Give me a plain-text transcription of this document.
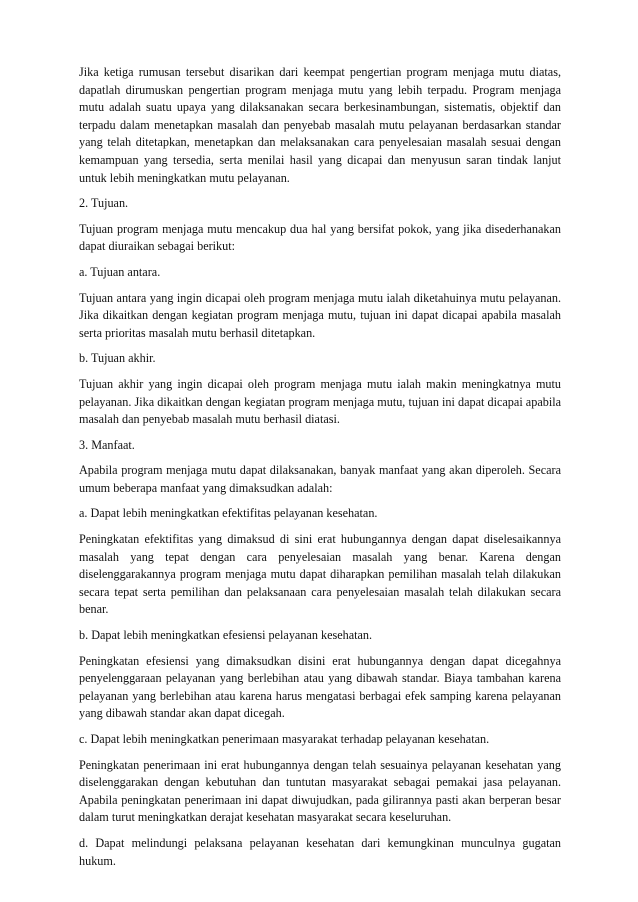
Jika ketiga rumusan tersebut disarikan dari keempat pengertian program menjaga mutu diatas, dapatlah dirumuskan pengertian program menjaga mutu yang lebih terpadu. Program menjaga mutu adalah suatu upaya yang dilaksanakan secara berkesinambungan, sistematis, objektif dan terpadu dalam menetapkan masalah dan penyebab masalah mutu pelayanan berdasarkan standar yang telah ditetapkan, menetapkan dan melaksanakan cara penyelesaian masalah sesuai dengan kemampuan yang tersedia, serta menilai hasil yang dicapai dan menyusun saran tindak lanjut untuk lebih meningkatkan mutu pelayanan.

2. Tujuan.

Tujuan program menjaga mutu mencakup dua hal yang bersifat pokok, yang jika disederhanakan dapat diuraikan sebagai berikut:

a. Tujuan antara.

Tujuan antara yang ingin dicapai oleh program menjaga mutu ialah diketahuinya mutu pelayanan. Jika dikaitkan dengan kegiatan program menjaga mutu, tujuan ini dapat dicapai apabila masalah serta prioritas masalah mutu berhasil ditetapkan.

b. Tujuan akhir.

Tujuan akhir yang ingin dicapai oleh program menjaga mutu ialah makin meningkatnya mutu pelayanan. Jika dikaitkan dengan kegiatan program menjaga mutu, tujuan ini dapat dicapai apabila masalah dan penyebab masalah mutu berhasil diatasi.

3. Manfaat.

Apabila program menjaga mutu dapat dilaksanakan, banyak manfaat yang akan diperoleh. Secara umum beberapa manfaat yang dimaksudkan adalah:

a. Dapat lebih meningkatkan efektifitas pelayanan kesehatan.

Peningkatan efektifitas yang dimaksud di sini erat hubungannya dengan dapat diselesaikannya masalah yang tepat dengan cara penyelesaian masalah yang benar. Karena dengan diselenggarakannya program menjaga mutu dapat diharapkan pemilihan masalah telah dilakukan secara tepat serta pemilihan dan pelaksanaan cara penyelesaian masalah telah dilakukan secara benar.

b. Dapat lebih meningkatkan efesiensi pelayanan kesehatan.

Peningkatan efesiensi yang dimaksudkan disini erat hubungannya dengan dapat dicegahnya penyelenggaraan pelayanan yang berlebihan atau yang dibawah standar. Biaya tambahan karena pelayanan yang berlebihan atau karena harus mengatasi berbagai efek samping karena pelayanan yang dibawah standar akan dapat dicegah.

c. Dapat lebih meningkatkan penerimaan masyarakat terhadap pelayanan kesehatan.

Peningkatan penerimaan ini erat hubungannya dengan telah sesuainya pelayanan kesehatan yang diselenggarakan dengan kebutuhan dan tuntutan masyarakat sebagai pemakai jasa pelayanan. Apabila peningkatan penerimaan ini dapat diwujudkan, pada gilirannya pasti akan berperan besar dalam turut meningkatkan derajat kesehatan masyarakat secara keseluruhan.

d. Dapat melindungi pelaksana pelayanan kesehatan dari kemungkinan munculnya gugatan hukum.
